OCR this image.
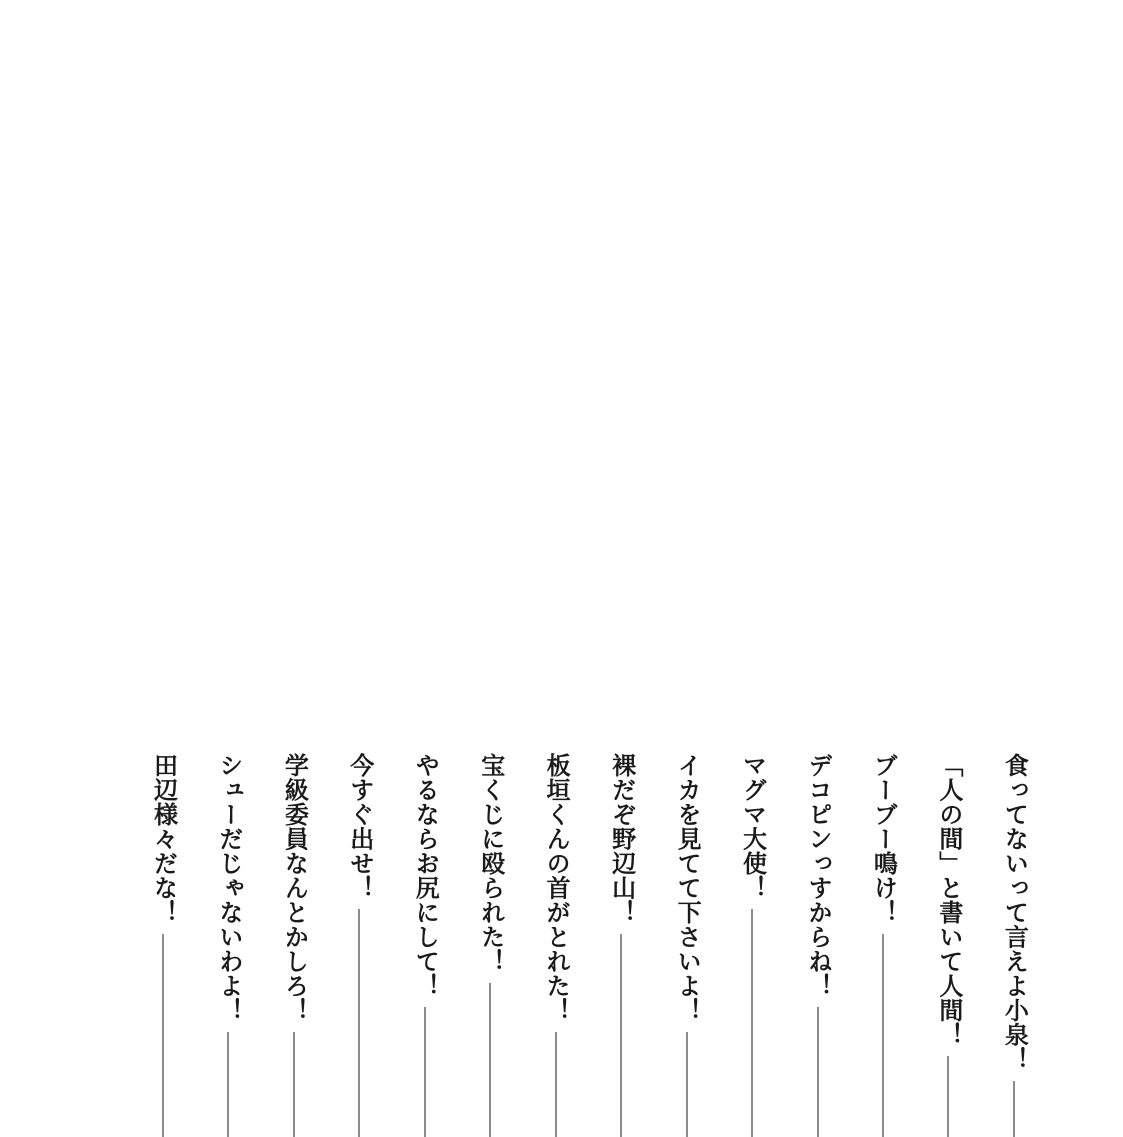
食ってないって言えよ小泉！
「人の間」と書いて人間！
ブーブー鳴け！
デコピンっすからね！
マグマ大使！
イカを見てて下さいよ！
裸だぞ野辺山！
板垣くんの首がとれた！
宝くじに殴られた！
やるならお尻にして！
今すぐ出せ！
学級委員なんとかしろ！
シューだじゃないわよ！
田辺様々だな！
